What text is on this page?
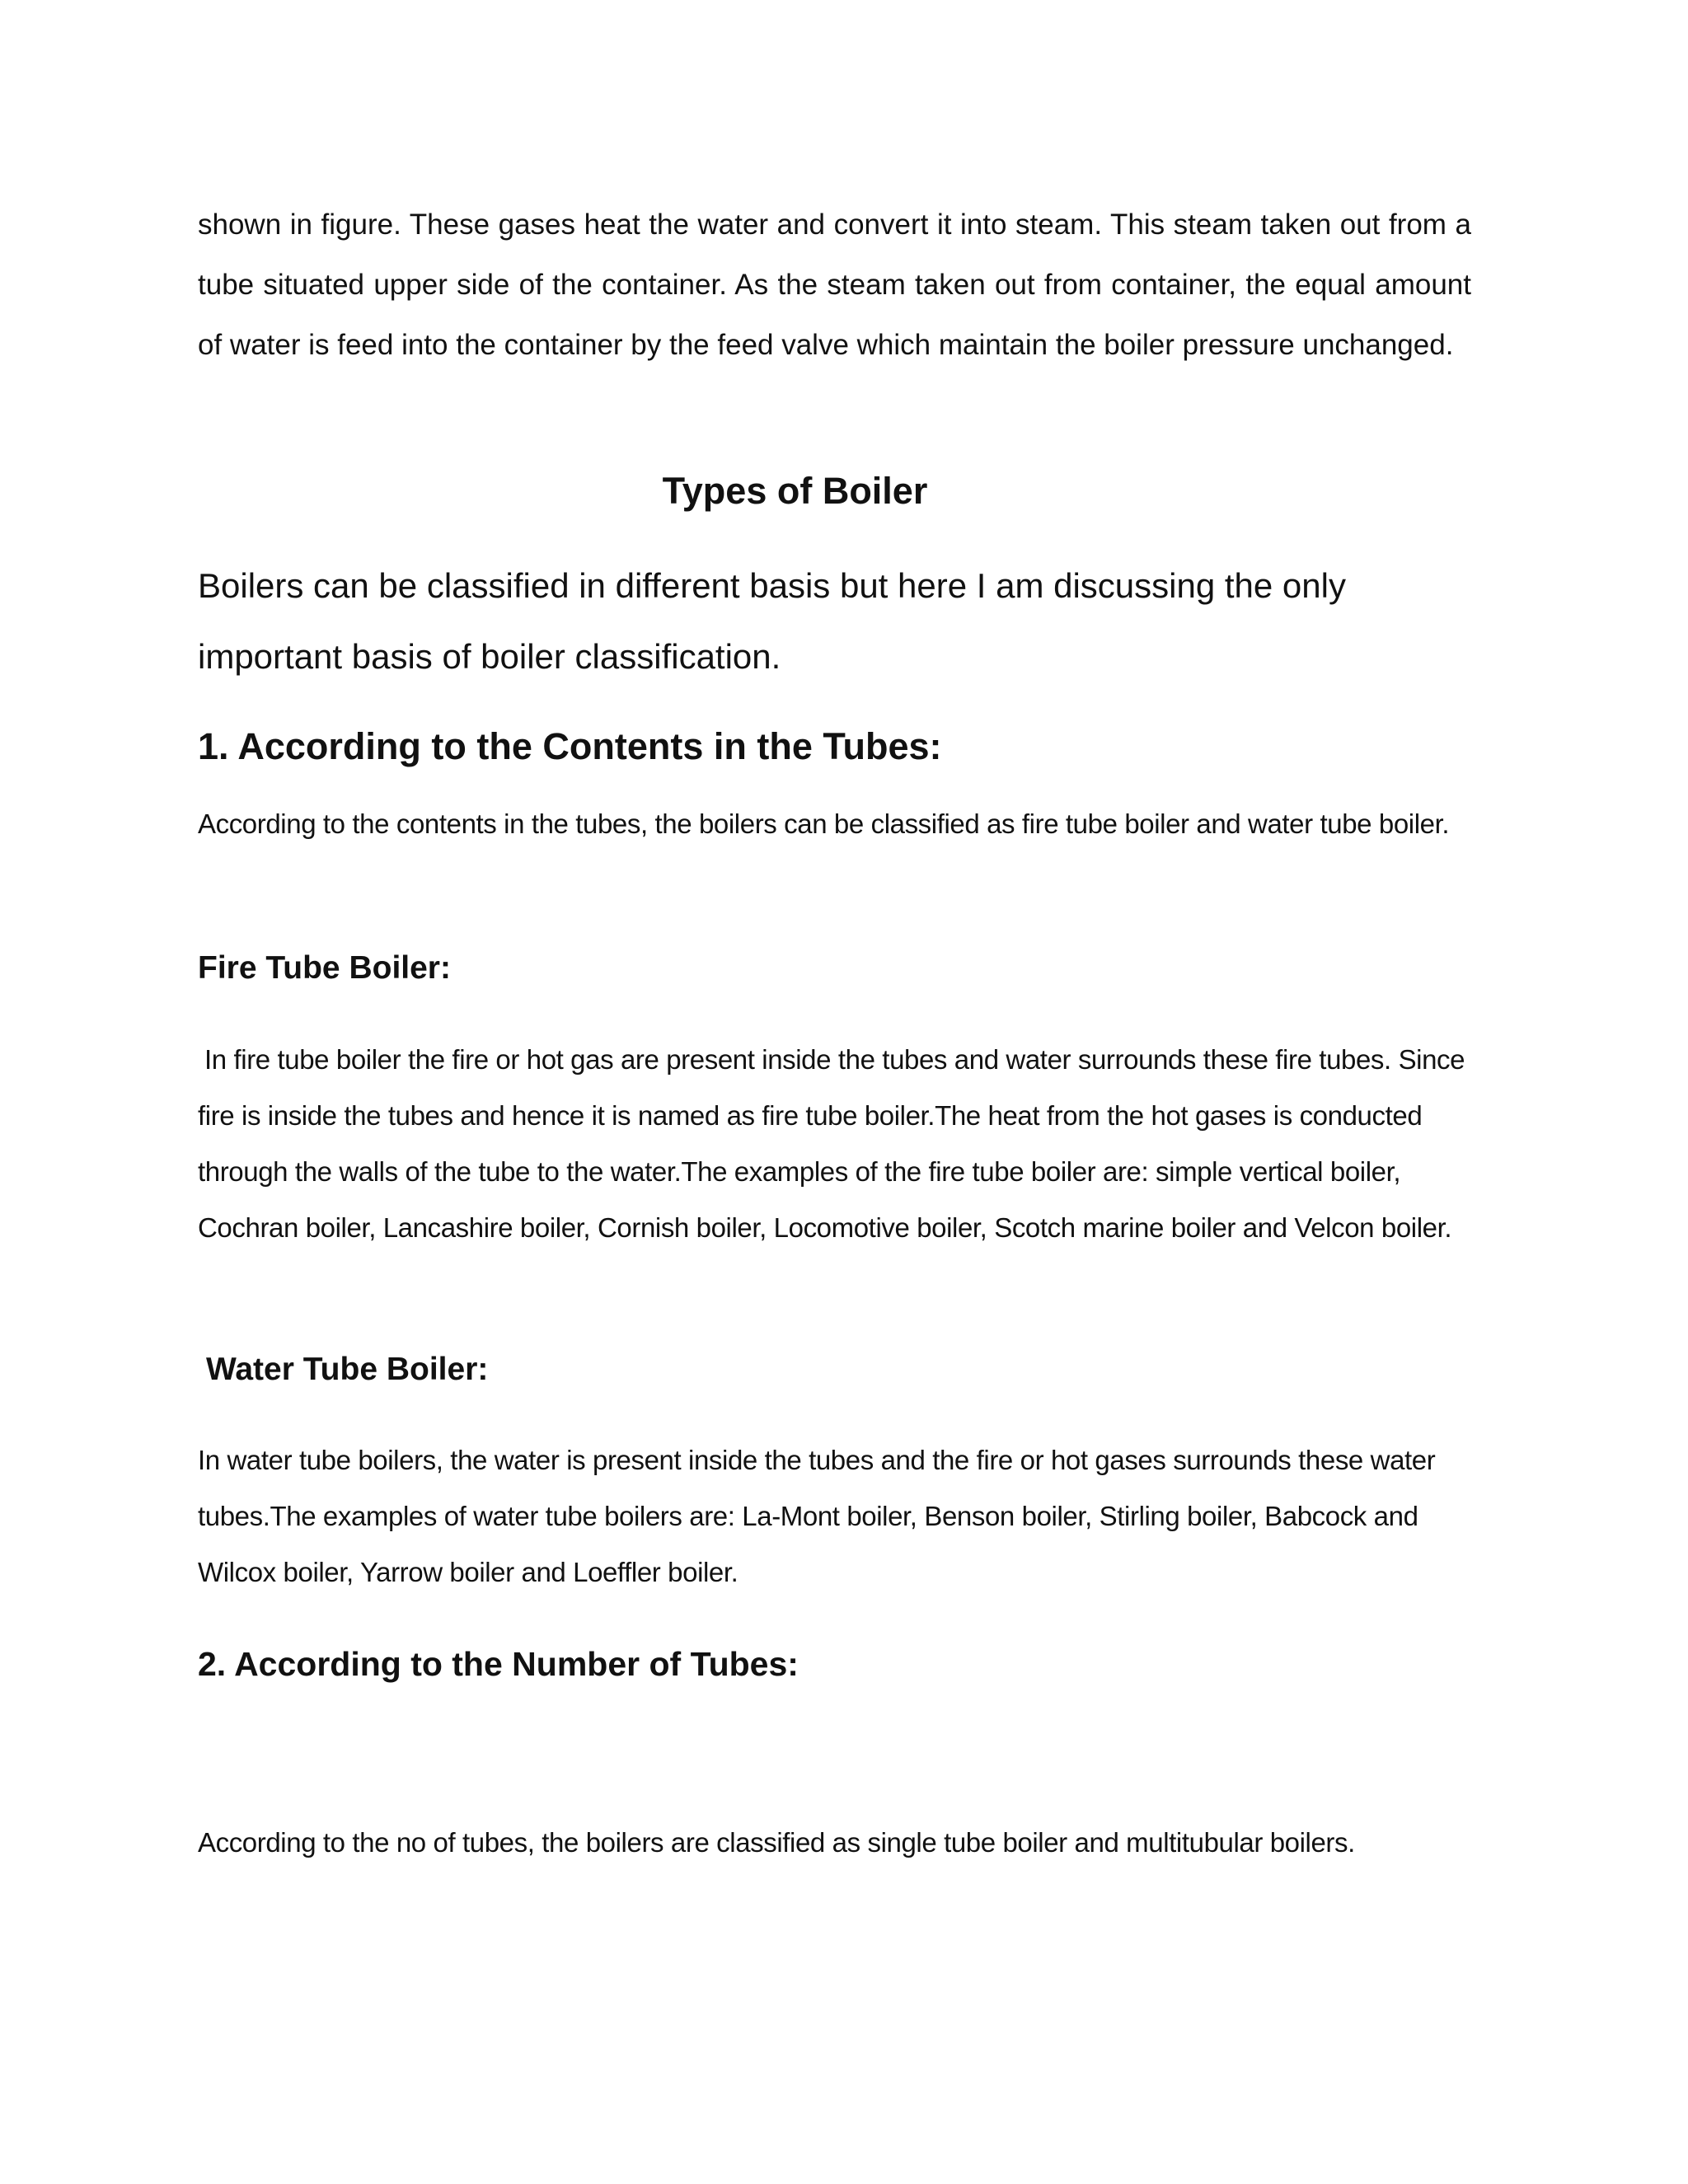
shown in figure. These gases heat the water and convert it into steam. This steam taken out from a tube situated upper side of the container. As the steam taken out from container, the equal amount of water is feed into the container by the feed valve which maintain the boiler pressure unchanged.

Types of Boiler

Boilers can be classified in different basis but here I am discussing the only important basis of boiler classification.

1. According to the Contents in the Tubes:

According to the contents in the tubes, the boilers can be classified as fire tube boiler and water tube boiler.

Fire Tube Boiler:

In fire tube boiler the fire or hot gas are present inside the tubes and water surrounds these fire tubes. Since fire is inside the tubes and hence it is named as fire tube boiler.The heat from the hot gases is conducted through the walls of the tube to the water.The examples of the fire tube boiler are: simple vertical boiler, Cochran boiler, Lancashire boiler, Cornish boiler, Locomotive boiler, Scotch marine boiler and Velcon boiler.

Water Tube Boiler:

In water tube boilers, the water is present inside the tubes and the fire or hot gases surrounds these water tubes.The examples of water tube boilers are: La-Mont boiler, Benson boiler, Stirling boiler, Babcock and Wilcox boiler, Yarrow boiler and Loeffler boiler.

2. According to the Number of Tubes:

According to the no of tubes, the boilers are classified as single tube boiler and multitubular boilers.
